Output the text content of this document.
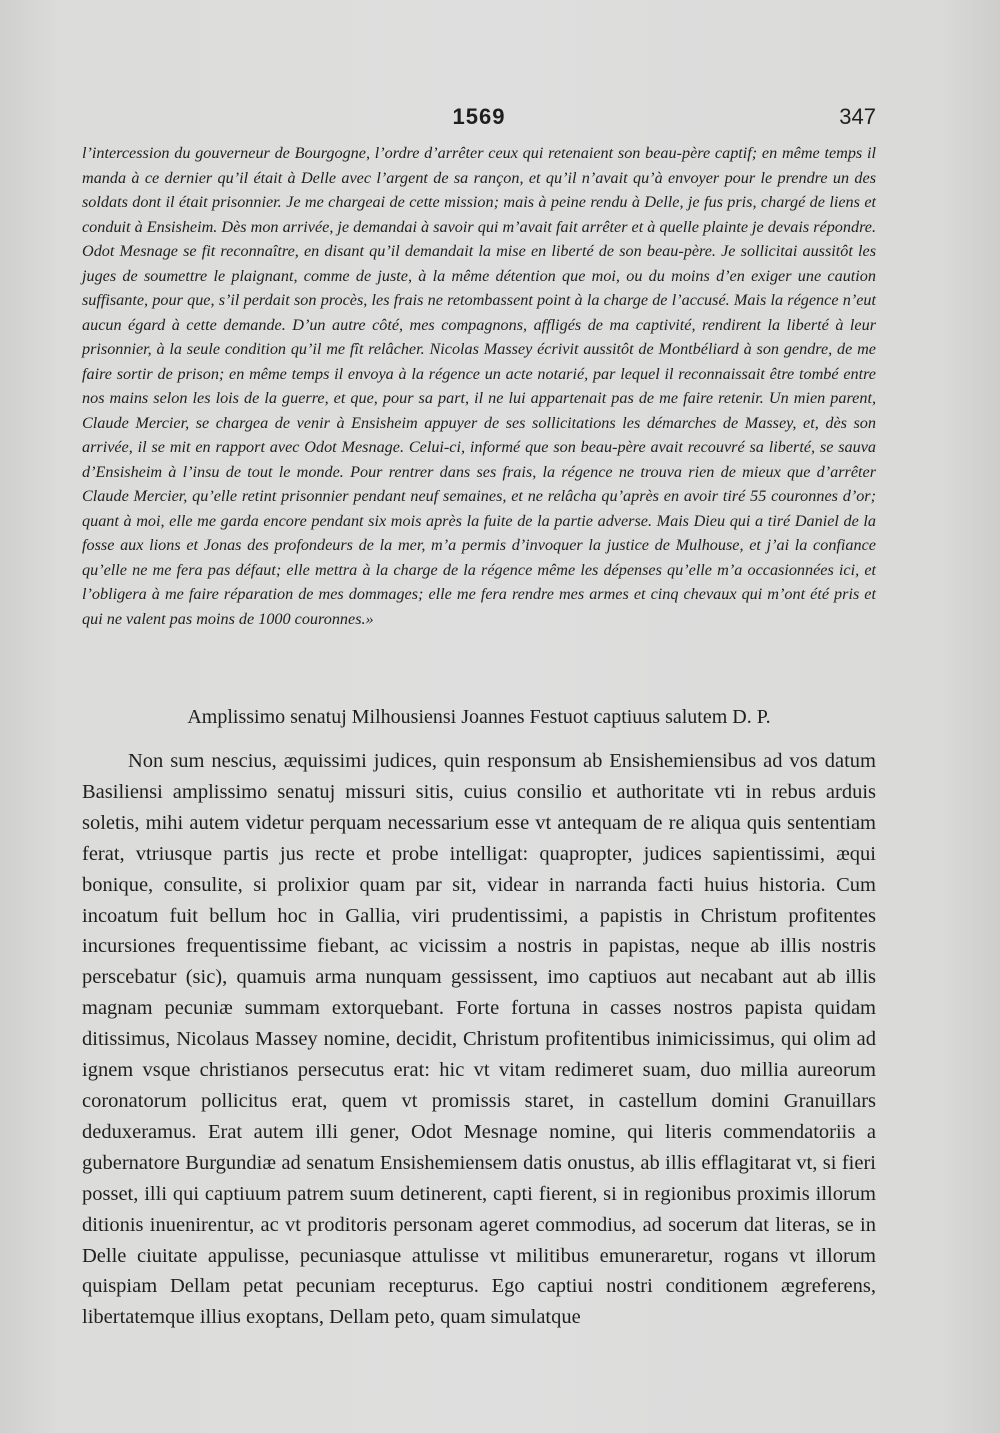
1569	347

l’intercession du gouverneur de Bourgogne, l’ordre d’arrêter ceux qui retenaient son beau-père captif; en même temps il manda à ce dernier qu’il était à Delle avec l’argent de sa rançon, et qu’il n’avait qu’à envoyer pour le prendre un des soldats dont il était prisonnier. Je me chargeai de cette mission; mais à peine rendu à Delle, je fus pris, chargé de liens et conduit à Ensisheim. Dès mon arrivée, je demandai à savoir qui m’avait fait arrêter et à quelle plainte je devais répondre. Odot Mesnage se fit reconnaître, en disant qu’il demandait la mise en liberté de son beau-père. Je sollicitai aussitôt les juges de soumettre le plaignant, comme de juste, à la même détention que moi, ou du moins d’en exiger une caution suffisante, pour que, s’il perdait son procès, les frais ne retombassent point à la charge de l’accusé. Mais la régence n’eut aucun égard à cette demande. D’un autre côté, mes compagnons, affligés de ma captivité, rendirent la liberté à leur prisonnier, à la seule condition qu’il me fît relâcher. Nicolas Massey écrivit aussitôt de Montbéliard à son gendre, de me faire sortir de prison; en même temps il envoya à la régence un acte notarié, par lequel il reconnaissait être tombé entre nos mains selon les lois de la guerre, et que, pour sa part, il ne lui appartenait pas de me faire retenir. Un mien parent, Claude Mercier, se chargea de venir à Ensisheim appuyer de ses sollicitations les démarches de Massey, et, dès son arrivée, il se mit en rapport avec Odot Mesnage. Celui-ci, informé que son beau-père avait recouvré sa liberté, se sauva d’Ensisheim à l’insu de tout le monde. Pour rentrer dans ses frais, la régence ne trouva rien de mieux que d’arrêter Claude Mercier, qu’elle retint prisonnier pendant neuf semaines, et ne relâcha qu’après en avoir tiré 55 couronnes d’or; quant à moi, elle me garda encore pendant six mois après la fuite de la partie adverse. Mais Dieu qui a tiré Daniel de la fosse aux lions et Jonas des profondeurs de la mer, m’a permis d’invoquer la justice de Mulhouse, et j’ai la confiance qu’elle ne me fera pas défaut; elle mettra à la charge de la régence même les dépenses qu’elle m’a occasionnées ici, et l’obligera à me faire réparation de mes dommages; elle me fera rendre mes armes et cinq chevaux qui m’ont été pris et qui ne valent pas moins de 1000 couronnes.»

Amplissimo senatuj Milhousiensi Joannes Festuot captiuus salutem D. P.

Non sum nescius, æquissimi judices, quin responsum ab Ensishemiensibus ad vos datum Basiliensi amplissimo senatuj missuri sitis, cuius consilio et authoritate vti in rebus arduis soletis, mihi autem videtur perquam necessarium esse vt antequam de re aliqua quis sententiam ferat, vtriusque partis jus recte et probe intelligat: quapropter, judices sapientissimi, æqui bonique, consulite, si prolixior quam par sit, videar in narranda facti huius historia. Cum incoatum fuit bellum hoc in Gallia, viri prudentissimi, a papistis in Christum profitentes incursiones frequentissime fiebant, ac vicissim a nostris in papistas, neque ab illis nostris perscebatur (sic), quamuis arma nunquam gessissent, imo captiuos aut necabant aut ab illis magnam pecuniæ summam extorquebant. Forte fortuna in casses nostros papista quidam ditissimus, Nicolaus Massey nomine, decidit, Christum profitentibus inimicissimus, qui olim ad ignem vsque christianos persecutus erat: hic vt vitam redimeret suam, duo millia aureorum coronatorum pollicitus erat, quem vt promissis staret, in castellum domini Granuillars deduxeramus. Erat autem illi gener, Odot Mesnage nomine, qui literis commendatoriis a gubernatore Burgundiæ ad senatum Ensishemiensem datis onustus, ab illis efflagitarat vt, si fieri posset, illi qui captiuum patrem suum detinerent, capti fierent, si in regionibus proximis illorum ditionis inuenirentur, ac vt proditoris personam ageret commodius, ad socerum dat literas, se in Delle ciuitate appulisse, pecuniasque attulisse vt militibus emuneraretur, rogans vt illorum quispiam Dellam petat pecuniam recepturus. Ego captiui nostri conditionem ægreferens, libertatemque illius exoptans, Dellam peto, quam simulatque
